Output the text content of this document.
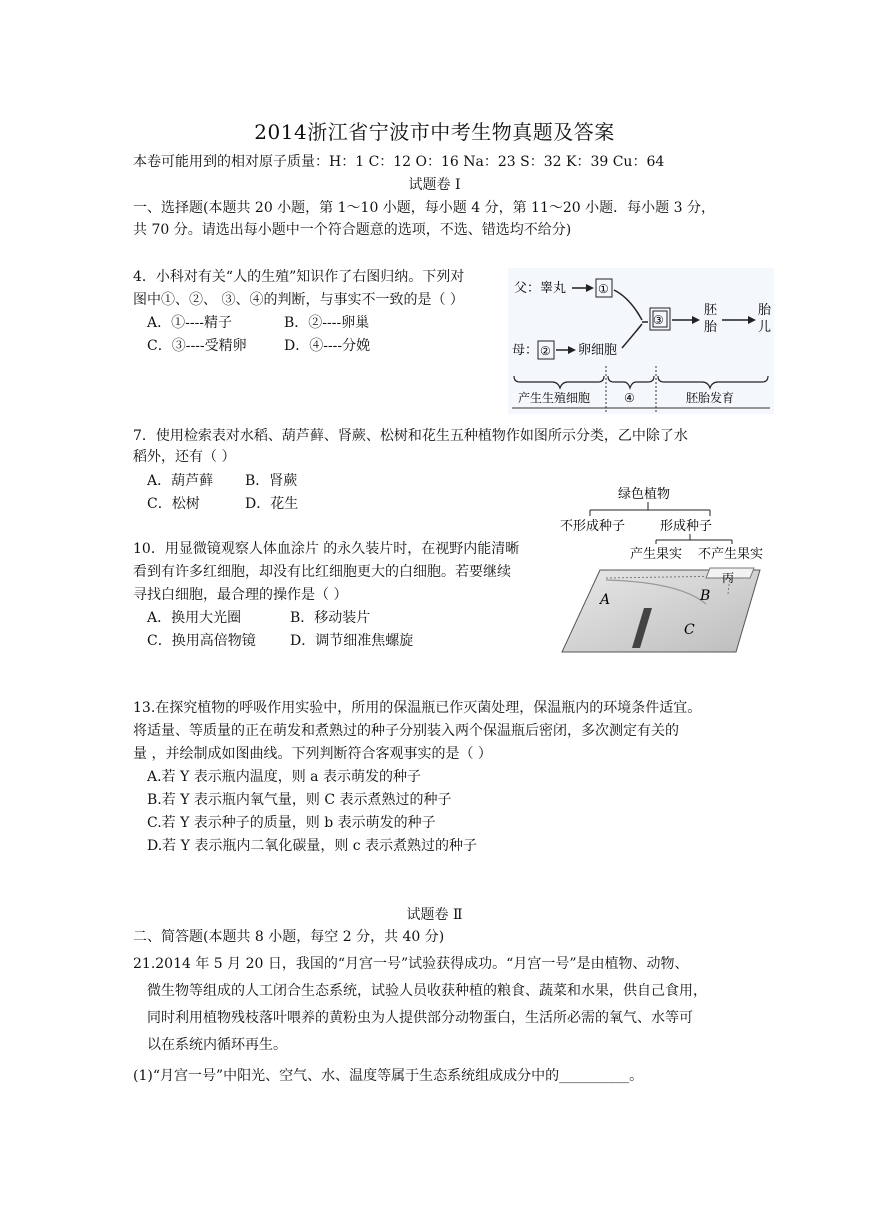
2014浙江省宁波市中考生物真题及答案
本卷可能用到的相对原子质量：H：1 C：12 O：16 Na：23 S：32 K：39 Cu：64
试题卷 Ⅰ
一、选择题(本题共 20 小题，第 1～10 小题，每小题 4 分，第 11～20 小题．每小题 3 分，
共 70 分。请选出每小题中一个符合题意的选项，不选、错选均不给分)
4．小科对有关“人的生殖”知识作了右图归纳。下列对
图中①、②、 ③、④的判断，与事实不一致的是（ ）
A．①----精子	B．②----卵巢
C．③----受精卵	D．④----分娩
父：睾丸	①
母： ② 卵细胞
③
胚
胎
胎
儿
产生生殖细胞	④	胚胎发育
7．使用检索表对水稻、葫芦藓、肾蕨、松树和花生五种植物作如图所示分类，乙中除了水
稻外，还有（ ）
A．葫芦藓 B．肾蕨
C．松树	D．花生
绿色植物
不形成种子	形成种子
产生果实 不产生果实
10．用显微镜观察人体血涂片 的永久装片时，在视野内能清晰
看到有许多红细胞，却没有比红细胞更大的白细胞。若要继续
寻找白细胞，最合理的操作是（ ）
A．换用大光圈	B．移动装片
C．换用高倍物镜 D．调节细准焦螺旋
丙
A	B
C
13.在探究植物的呼吸作用实验中，所用的保温瓶已作灭菌处理，保温瓶内的环境条件适宜。
将适量、等质量的正在萌发和煮熟过的种子分别装入两个保温瓶后密闭，多次测定有关的
量 ，并绘制成如图曲线。下列判断符合客观事实的是（ ）
A.若 Y 表示瓶内温度，则 a 表示萌发的种子
B.若 Y 表示瓶内氧气量，则 C 表示煮熟过的种子
C.若 Y 表示种子的质量，则 b 表示萌发的种子
D.若 Y 表示瓶内二氧化碳量，则 c 表示煮熟过的种子
试题卷 Ⅱ
二、简答题(本题共 8 小题，每空 2 分，共 40 分)
21.2014 年 5 月 20 日，我国的“月宫一号”试验获得成功。“月宫一号”是由植物、动物、
微生物等组成的人工闭合生态系统，试验人员收获种植的粮食、蔬菜和水果，供自己食用，
同时利用植物残枝落叶喂养的黄粉虫为人提供部分动物蛋白，生活所必需的氧气、水等可
以在系统内循环再生。
(1)“月宫一号”中阳光、空气、水、温度等属于生态系统组成成分中的__________。
